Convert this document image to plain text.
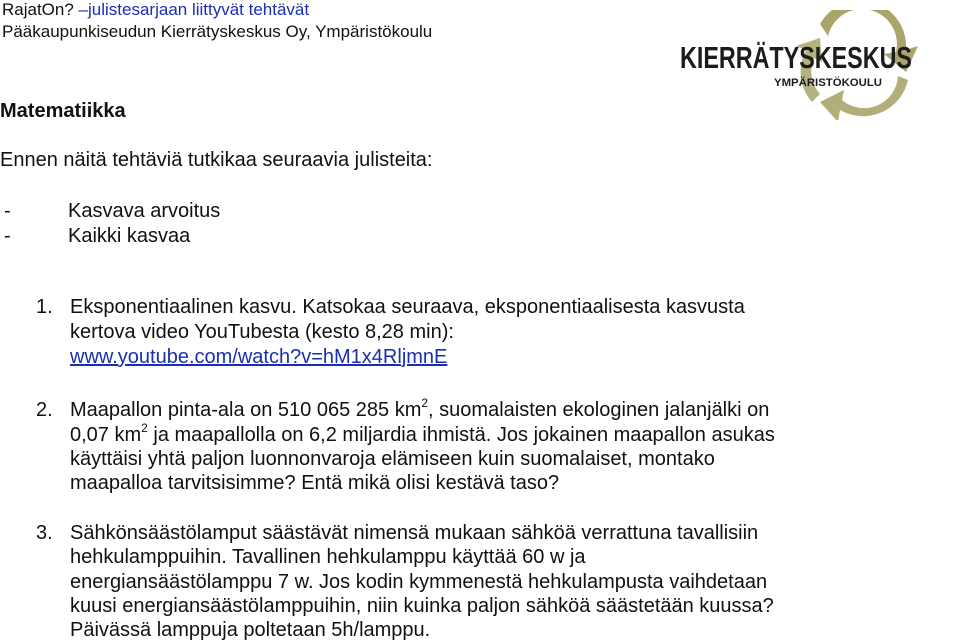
RajatOn? –julistesarjaan liittyvät tehtävät
Pääkaupunkiseudun Kierrätyskeskus Oy, Ympäristökoulu
KIERRÄTYSKESKUS
YMPÄRISTÖKOULU
Matematiikka
Ennen näitä tehtäviä tutkikaa seuraavia julisteita:
-	Kasvava arvoitus
-	Kaikki kasvaa
1. Eksponentiaalinen kasvu. Katsokaa seuraava, eksponentiaalisesta kasvusta
kertova video YouTubesta (kesto 8,28 min):
www.youtube.com/watch?v=hM1x4RljmnE
2. Maapallon pinta-ala on 510 065 285 $km^2$, suomalaisten ekologinen jalanjälki on
0,07 $km^2$ ja maapallolla on 6,2 miljardia ihmistä. Jos jokainen maapallon asukas
käyttäisi yhtä paljon luonnonvaroja elämiseen kuin suomalaiset, montako
maapalloa tarvitsisimme? Entä mikä olisi kestävä taso?
3. Sähkönsäästölamput säästävät nimensä mukaan sähköä verrattuna tavallisiin
hehkulamppuihin. Tavallinen hehkulamppu käyttää 60 w ja
energiansäästölamppu 7 w. Jos kodin kymmenestä hehkulampusta vaihdetaan
kuusi energiansäästölamppuihin, niin kuinka paljon sähköä säästetään kuussa?
Päivässä lamppuja poltetaan 5h/lamppu.
